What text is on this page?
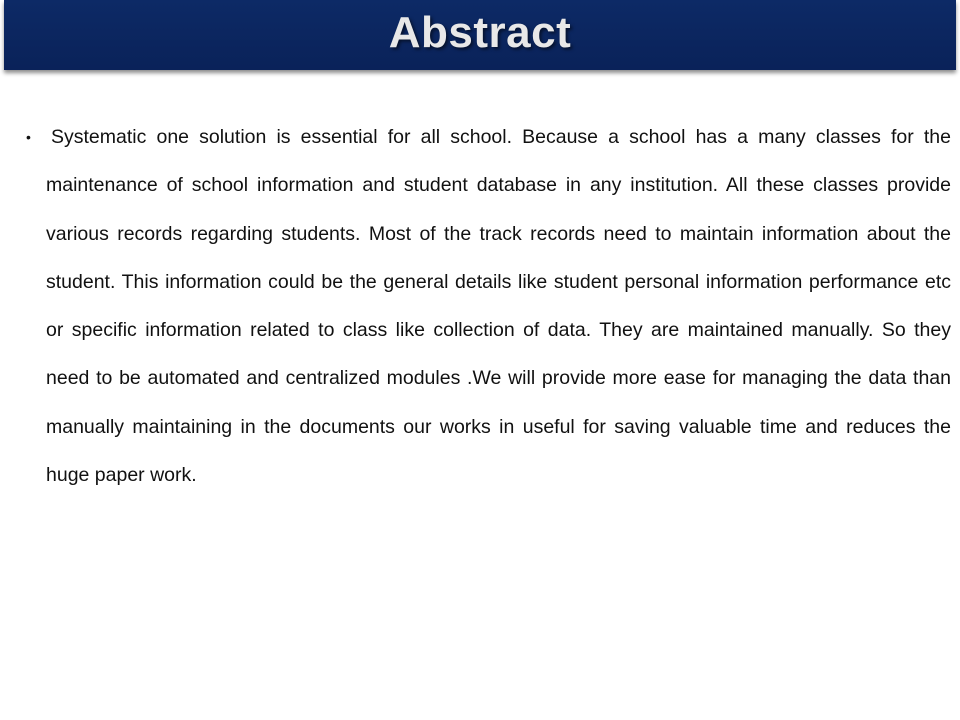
Abstract
• Systematic one solution is essential for all school. Because a school has a many classes for the maintenance of school information and student database in any institution. All these classes provide various records regarding students. Most of the track records need to maintain information about the student. This information could be the general details like student personal information performance etc or specific information related to class like collection of data. They are maintained manually. So they need to be automated and centralized modules .We will provide more ease for managing the data than manually maintaining in the documents our works in useful for saving valuable time and reduces the huge paper work.
